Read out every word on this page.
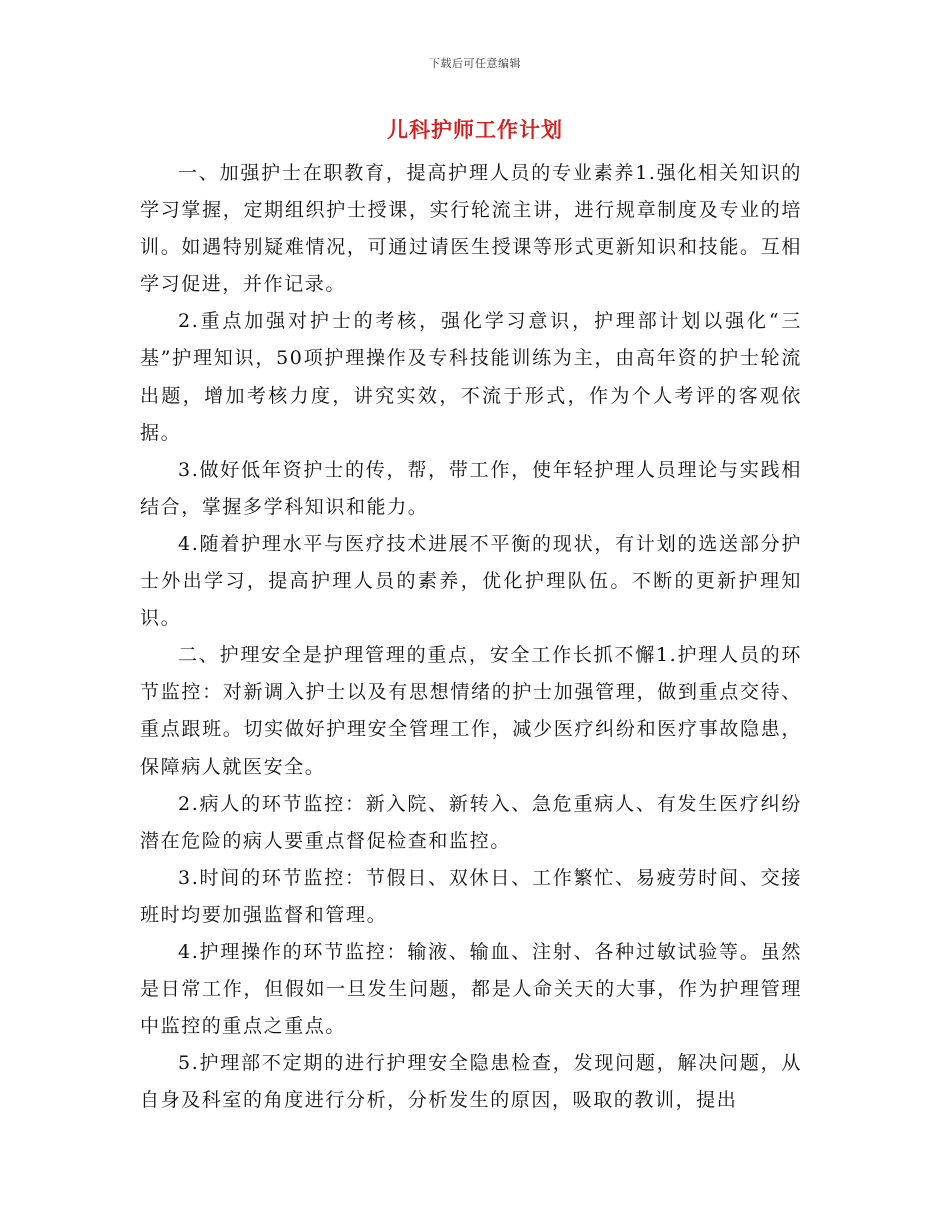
下载后可任意编辑
儿科护师工作计划

一、加强护士在职教育，提高护理人员的专业素养1.强化相关知识的学习掌握，定期组织护士授课，实行轮流主讲，进行规章制度及专业的培训。如遇特别疑难情况，可通过请医生授课等形式更新知识和技能。互相学习促进，并作记录。

2.重点加强对护士的考核，强化学习意识，护理部计划以强化“三基”护理知识，50项护理操作及专科技能训练为主，由高年资的护士轮流出题，增加考核力度，讲究实效，不流于形式，作为个人考评的客观依据。

3.做好低年资护士的传，帮，带工作，使年轻护理人员理论与实践相结合，掌握多学科知识和能力。

4.随着护理水平与医疗技术进展不平衡的现状，有计划的选送部分护士外出学习，提高护理人员的素养，优化护理队伍。不断的更新护理知识。

二、护理安全是护理管理的重点，安全工作长抓不懈1.护理人员的环节监控：对新调入护士以及有思想情绪的护士加强管理，做到重点交待、重点跟班。切实做好护理安全管理工作，减少医疗纠纷和医疗事故隐患，保障病人就医安全。

2.病人的环节监控：新入院、新转入、急危重病人、有发生医疗纠纷潜在危险的病人要重点督促检查和监控。

3.时间的环节监控：节假日、双休日、工作繁忙、易疲劳时间、交接班时均要加强监督和管理。

4.护理操作的环节监控：输液、输血、注射、各种过敏试验等。虽然是日常工作，但假如一旦发生问题，都是人命关天的大事，作为护理管理中监控的重点之重点。

5.护理部不定期的进行护理安全隐患检查，发现问题，解决问题，从自身及科室的角度进行分析，分析发生的原因，吸取的教训，提出
